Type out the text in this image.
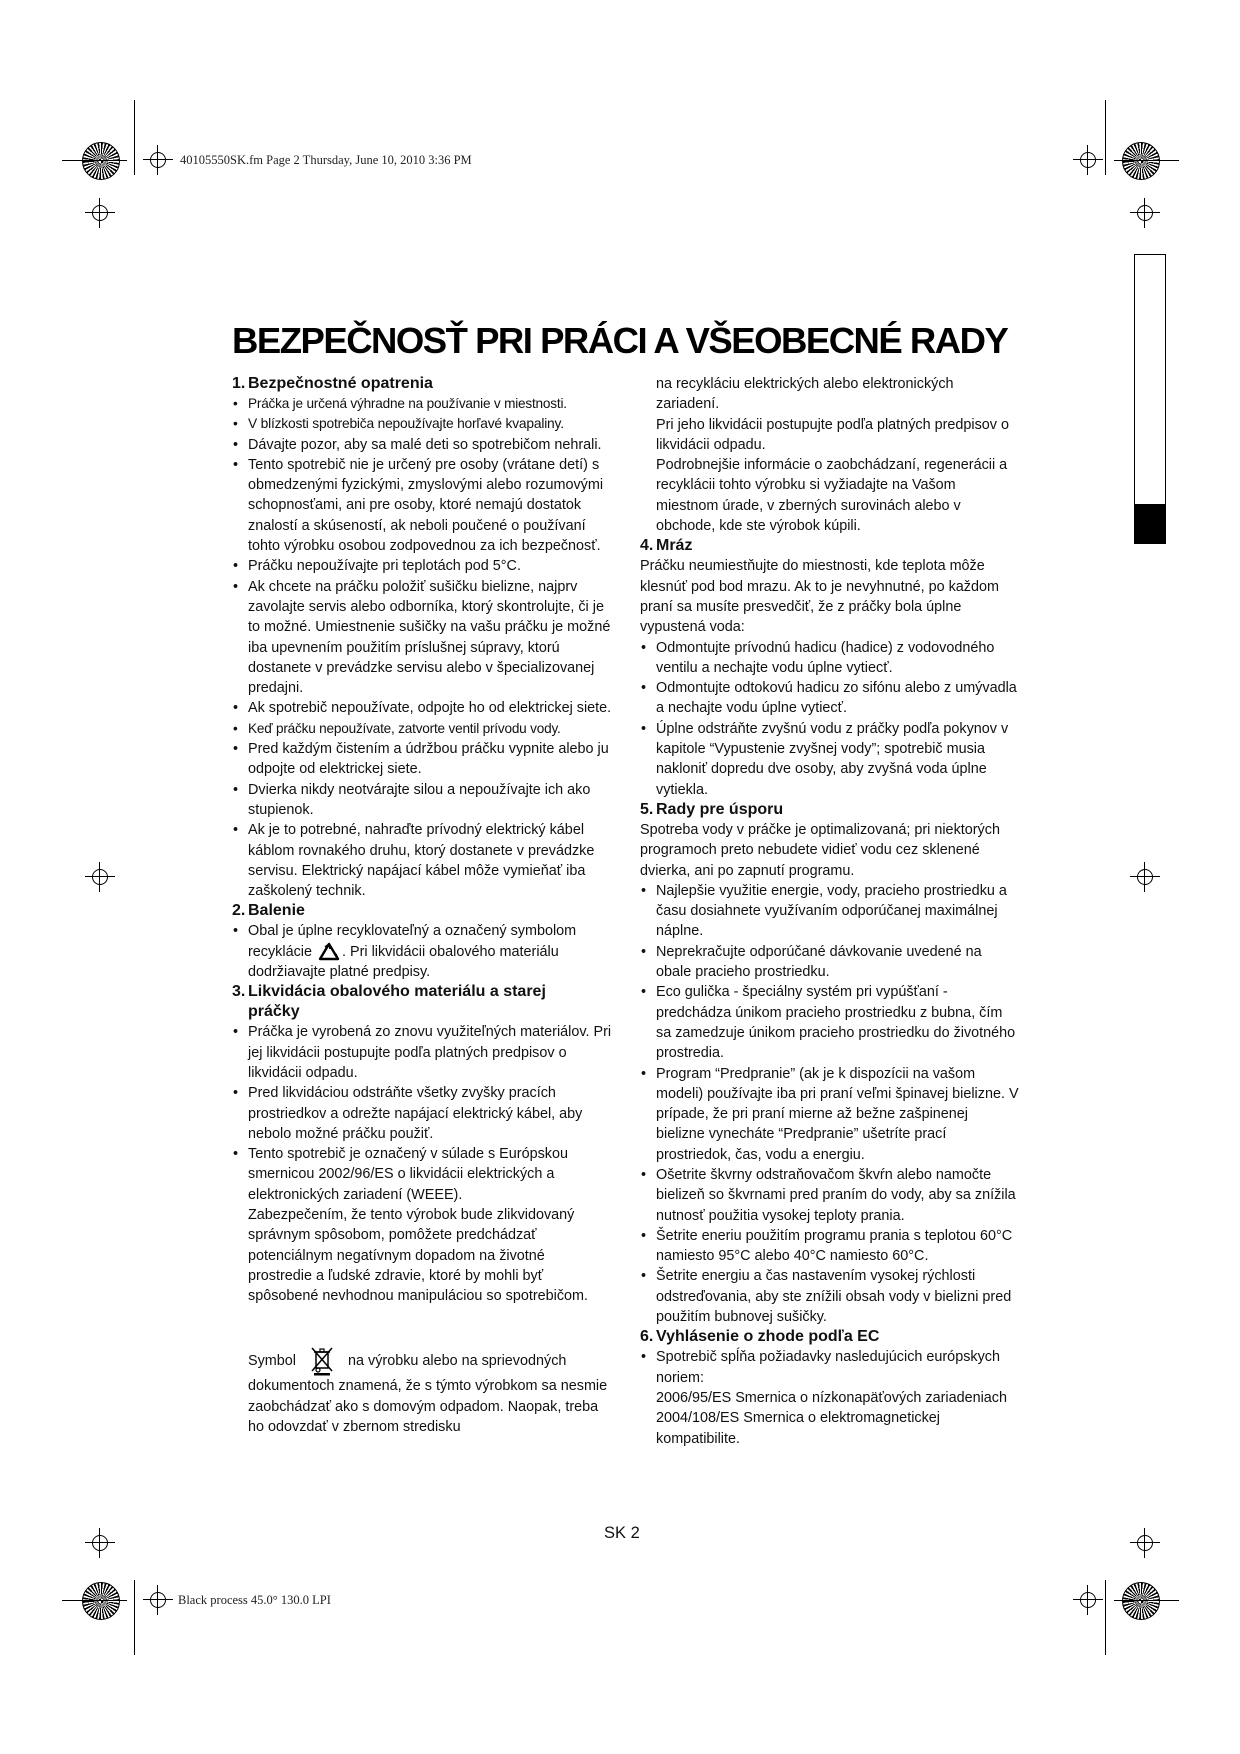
40105550SK.fm Page 2 Thursday, June 10, 2010 3:36 PM
Black process 45.0° 130.0 LPI
BEZPEČNOSŤ PRI PRÁCI A VŠEOBECNÉ RADY
1. Bezpečnostné opatrenia
• Práčka je určená výhradne na používanie v miestnosti.
• V blízkosti spotrebiča nepoužívajte horľavé kvapaliny.
• Dávajte pozor, aby sa malé deti so spotrebičom nehrali.
• Tento spotrebič nie je určený pre osoby (vrátane detí) s obmedzenými fyzickými, zmyslovými alebo rozumovými schopnosťami, ani pre osoby, ktoré nemajú dostatok znalostí a skúseností, ak neboli poučené o používaní tohto výrobku osobou zodpovednou za ich bezpečnosť.
• Práčku nepoužívajte pri teplotách pod 5°C.
• Ak chcete na práčku položiť sušičku bielizne, najprv zavolajte servis alebo odborníka, ktorý skontrolujte, či je to možné. Umiestnenie sušičky na vašu práčku je možné iba upevnením použitím príslušnej súpravy, ktorú dostanete v prevádzke servisu alebo v špecializovanej predajni.
• Ak spotrebič nepoužívate, odpojte ho od elektrickej siete.
• Keď práčku nepoužívate, zatvorte ventil prívodu vody.
• Pred každým čistením a údržbou práčku vypnite alebo ju odpojte od elektrickej siete.
• Dvierka nikdy neotvárajte silou a nepoužívajte ich ako stupienok.
• Ak je to potrebné, nahraďte prívodný elektrický kábel káblom rovnakého druhu, ktorý dostanete v prevádzke servisu. Elektrický napájací kábel môže vymieňať iba zaškolený technik.
2. Balenie
• Obal je úplne recyklovateľný a označený symbolom recyklácie . Pri likvidácii obalového materiálu dodržiavajte platné predpisy.
3. Likvidácia obalového materiálu a starej práčky
• Práčka je vyrobená zo znovu využiteľných materiálov. Pri jej likvidácii postupujte podľa platných predpisov o likvidácii odpadu.
• Pred likvidáciou odstráňte všetky zvyšky pracích prostriedkov a odrežte napájací elektrický kábel, aby nebolo možné práčku použiť.
• Tento spotrebič je označený v súlade s Európskou smernicou 2002/96/ES o likvidácii elektrických a elektronických zariadení (WEEE).

Zabezpečením, že tento výrobok bude zlikvidovaný správnym spôsobom, pomôžete predchádzať potenciálnym negatívnym dopadom na životné prostredie a ľudské zdravie, ktoré by mohli byť spôsobené nevhodnou manipuláciou so spotrebičom.

Symbol	na výrobku alebo na sprievodných dokumentoch znamená, že s týmto výrobkom sa nesmie zaobchádzať ako s domovým odpadom. Naopak, treba ho odovzdať v zbernom stredisku

na recykláciu elektrických alebo elektronických zariadení.

Pri jeho likvidácii postupujte podľa platných predpisov o likvidácii odpadu.

Podrobnejšie informácie o zaobchádzaní, regenerácii a recyklácii tohto výrobku si vyžiadajte na Vašom miestnom úrade, v zberných surovinách alebo v obchode, kde ste výrobok kúpili.

4. Mráz

Práčku neumiestňujte do miestnosti, kde teplota môže klesnúť pod bod mrazu. Ak to je nevyhnutné, po každom praní sa musíte presvedčiť, že z práčky bola úplne vypustená voda:

• Odmontujte prívodnú hadicu (hadice) z vodovodného ventilu a nechajte vodu úplne vytiecť.
• Odmontujte odtokovú hadicu zo sifónu alebo z umývadla a nechajte vodu úplne vytiecť.
• Úplne odstráňte zvyšnú vodu z práčky podľa pokynov v kapitole “Vypustenie zvyšnej vody”; spotrebič musia nakloniť dopredu dve osoby, aby zvyšná voda úplne vytiekla.
5. Rady pre úsporu

Spotreba vody v práčke je optimalizovaná; pri niektorých programoch preto nebudete vidieť vodu cez sklenené dvierka, ani po zapnutí programu.

• Najlepšie využitie energie, vody, pracieho prostriedku a času dosiahnete využívaním odporúčanej maximálnej náplne.
• Neprekračujte odporúčané dávkovanie uvedené na obale pracieho prostriedku.
• Eco gulička - špeciálny systém pri vypúšťaní - predchádza únikom pracieho prostriedku z bubna, čím sa zamedzuje únikom pracieho prostriedku do životného prostredia.
• Program “Predpranie” (ak je k dispozícii na vašom modeli) používajte iba pri praní veľmi špinavej bielizne. V prípade, že pri praní mierne až bežne zašpinenej bielizne vynecháte “Predpranie” ušetríte prací prostriedok, čas, vodu a energiu.
• Ošetrite škvrny odstraňovačom škvŕn alebo namočte bielizeň so škvrnami pred praním do vody, aby sa znížila nutnosť použitia vysokej teploty prania.
• Šetrite eneriu použitím programu prania s teplotou 60°C namiesto 95°C alebo 40°C namiesto 60°C.
• Šetrite energiu a čas nastavením vysokej rýchlosti odstreďovania, aby ste znížili obsah vody v bielizni pred použitím bubnovej sušičky.
6. Vyhlásenie o zhode podľa EC
• Spotrebič spĺňa požiadavky nasledujúcich európskych noriem:

2006/95/ES Smernica o nízkonapäťových zariadeniach

2004/108/ES Smernica o elektromagnetickej kompatibilite.

SK 2
